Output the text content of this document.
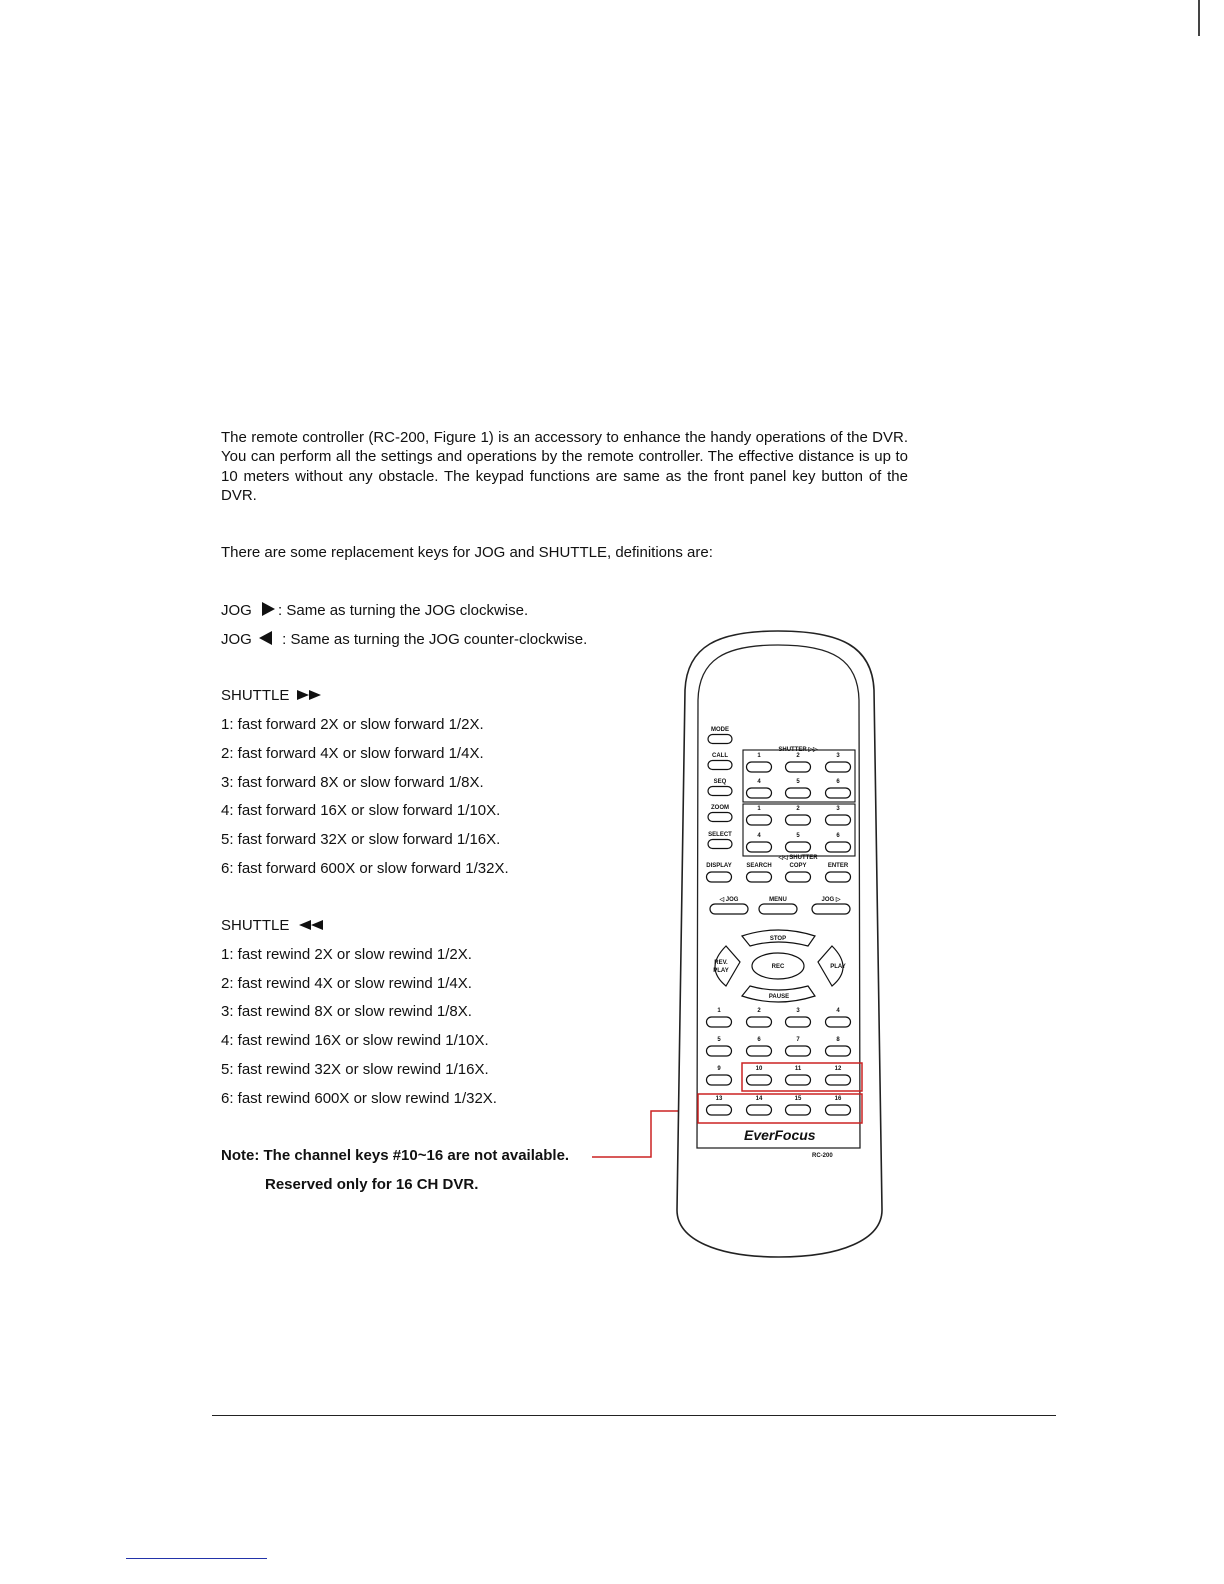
The remote controller (RC-200, Figure 1) is an accessory to enhance the handy operations of the DVR. You can perform all the settings and operations by the remote controller. The effective distance is up to 10 meters without any obstacle. The keypad functions are same as the front panel key button of the DVR.

There are some replacement keys for JOG and SHUTTLE, definitions are:
JOG : Same as turning the JOG clockwise.
JOG  : Same as turning the JOG counter-clockwise.
SHUTTLE
1: fast forward 2X or slow forward 1/2X.
2: fast forward 4X or slow forward 1/4X.
3: fast forward 8X or slow forward 1/8X.
4: fast forward 16X or slow forward 1/10X.
5: fast forward 32X or slow forward 1/16X.
6: fast forward 600X or slow forward 1/32X.
SHUTTLE
1: fast rewind 2X or slow rewind 1/2X.
2: fast rewind 4X or slow rewind 1/4X.
3: fast rewind 8X or slow rewind 1/8X.
4: fast rewind 16X or slow rewind 1/10X.
5: fast rewind 32X or slow rewind 1/16X.
6: fast rewind 600X or slow rewind 1/32X.
Note: The channel keys #10~16 are not available.
Reserved only for 16 CH DVR.
MODE
CALL
SEQ
ZOOM
SELECT
SHUTTER ▷▷
◁◁ SHUTTER
1	2	3
4	5	6
1	2	3
4	5	6
DISPLAY SEARCH	COPY	ENTER
◁ JOG	MENU	JOG ▷
STOP
PAUSE
REV.
PLAY
PLAY
REC
1	2	3	4
5	6	7	8
9	10	11	12
13	14	15	16
EverFocus
RC-200
